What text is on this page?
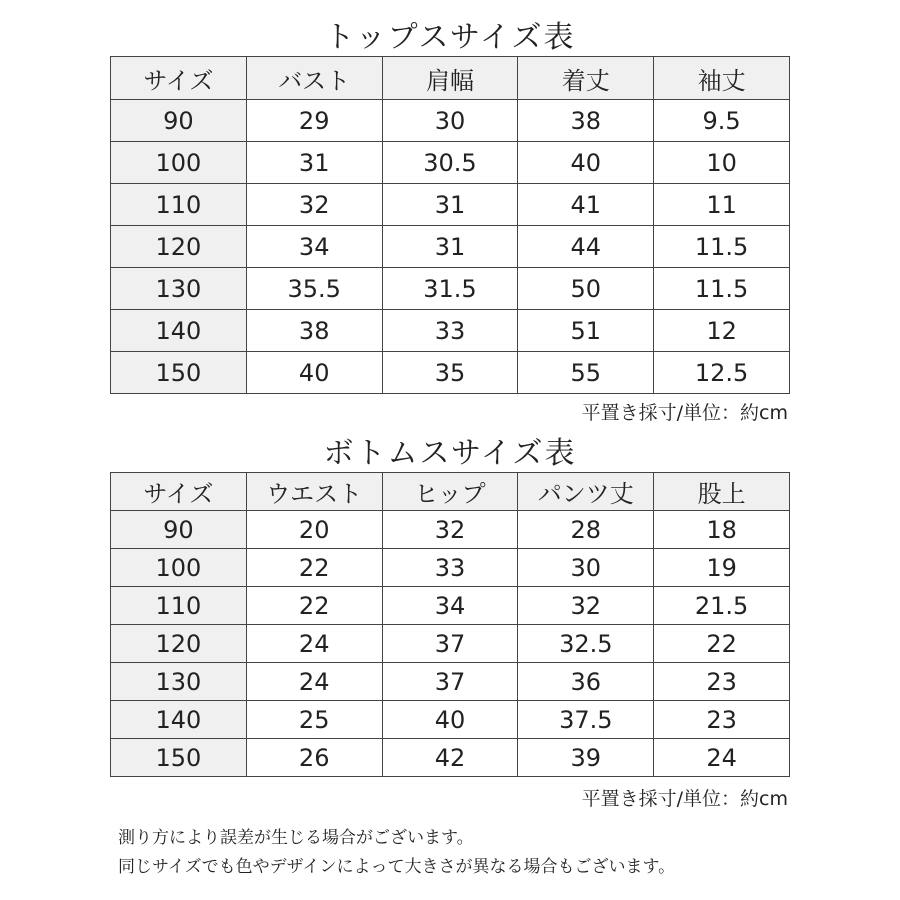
トップスサイズ表
サイズ	バスト	肩幅	着丈	袖丈
90	29	30	38	9.5
100	31	30.5	40	10
110	32	31	41	11
120	34	31	44	11.5
130	35.5	31.5	50	11.5
140	38	33	51	12
150	40	35	55	12.5
平置き採寸/単位：約cm
ボトムスサイズ表
サイズ	ウエスト	ヒップ	パンツ丈	股上
90	20	32	28	18
100	22	33	30	19
110	22	34	32	21.5
120	24	37	32.5	22
130	24	37	36	23
140	25	40	37.5	23
150	26	42	39	24
平置き採寸/単位：約cm
測り方により誤差が生じる場合がございます。
同じサイズでも色やデザインによって大きさが異なる場合もございます。
